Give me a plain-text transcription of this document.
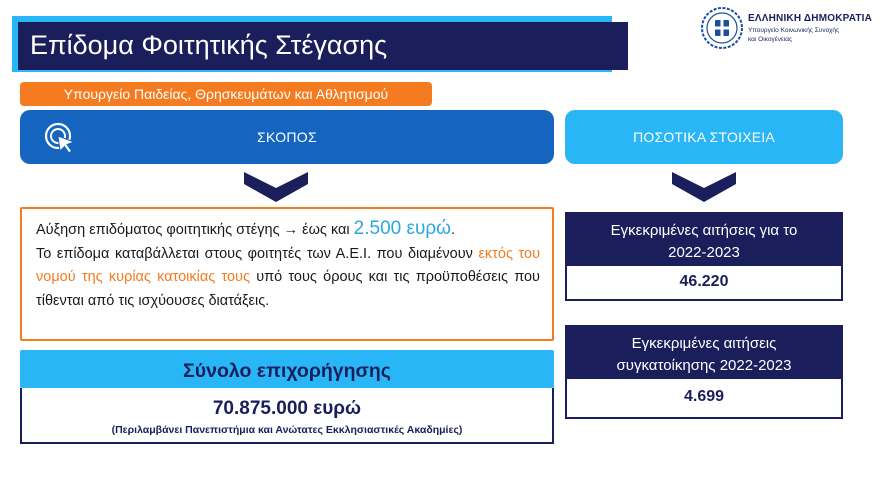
Επίδομα Φοιτητικής Στέγασης
ΕΛΛΗΝΙΚΗ ΔΗΜΟΚΡΑΤΙΑ
Υπουργείο Κοινωνικής Συνοχής
και Οικογένειας
Υπουργείο Παιδείας, Θρησκευμάτων και Αθλητισμού
ΣΚΟΠΟΣ	ΠΟΣΟΤΙΚΑ ΣΤΟΙΧΕΙΑ
Αύξηση επιδόματος φοιτητικής στέγης → έως και 2.500 ευρώ.
Το επίδομα καταβάλλεται στους φοιτητές των Α.Ε.Ι. που διαμένουν εκτός του νομού της κυρίας κατοικίας τους υπό τους όρους και τις προϋποθέσεις που τίθενται από τις ισχύουσες διατάξεις.
Σύνολο επιχορήγησης
70.875.000 ευρώ
(Περιλαμβάνει Πανεπιστήμια και Ανώτατες Εκκλησιαστικές Ακαδημίες)
Εγκεκριμένες αιτήσεις για το
2022-2023
46.220
Εγκεκριμένες αιτήσεις
συγκατοίκησης 2022-2023
4.699
